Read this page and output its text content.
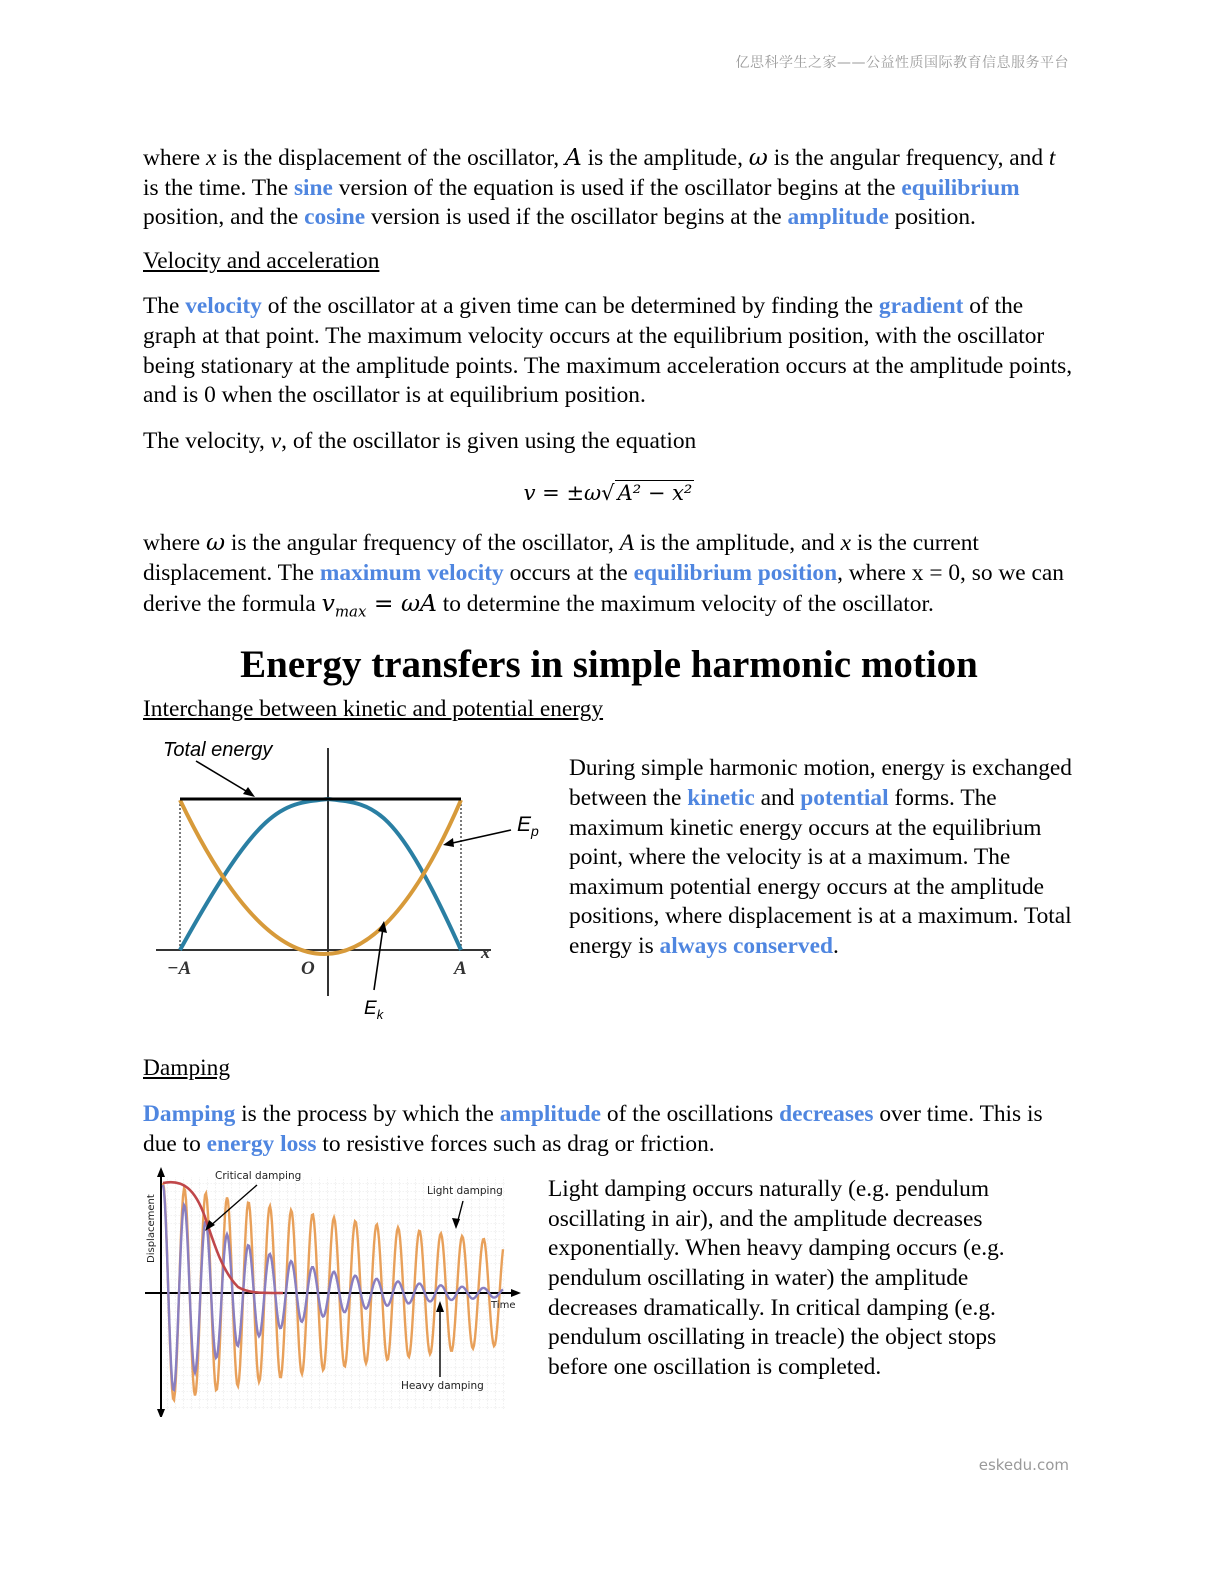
亿思科学生之家——公益性质国际教育信息服务平台

where x is the displacement of the oscillator, A is the amplitude, ω is the angular frequency, and t is the time. The sine version of the equation is used if the oscillator begins at the equilibrium position, and the cosine version is used if the oscillator begins at the amplitude position.

Velocity and acceleration

The velocity of the oscillator at a given time can be determined by finding the gradient of the graph at that point. The maximum velocity occurs at the equilibrium position, with the oscillator being stationary at the amplitude points. The maximum acceleration occurs at the amplitude points, and is 0 when the oscillator is at equilibrium position.

The velocity, v, of the oscillator is given using the equation

v = ±ω√ A² − x²

where ω is the angular frequency of the oscillator, A is the amplitude, and x is the current displacement. The maximum velocity occurs at the equilibrium position, where x = 0, so we can derive the formula $v_{max} = \omega A$ to determine the maximum velocity of the oscillator.

Energy transfers in simple harmonic motion
Interchange between kinetic and potential energy
Total energy
$E_p$
$E_k$
−A	O	A
x

During simple harmonic motion, energy is exchanged between the kinetic and potential forms. The maximum kinetic energy occurs at the equilibrium point, where the velocity is at a maximum. The maximum potential energy occurs at the amplitude positions, where displacement is at a maximum. Total energy is always conserved.

Damping

Damping is the process by which the amplitude of the oscillations decreases over time. This is due to energy loss to resistive forces such as drag or friction.

Critical damping
Light damping
Heavy damping
Time
Displacement

Light damping occurs naturally (e.g. pendulum oscillating in air), and the amplitude decreases exponentially. When heavy damping occurs (e.g. pendulum oscillating in water) the amplitude decreases dramatically. In critical damping (e.g. pendulum oscillating in treacle) the object stops before one oscillation is completed.

eskedu.com
